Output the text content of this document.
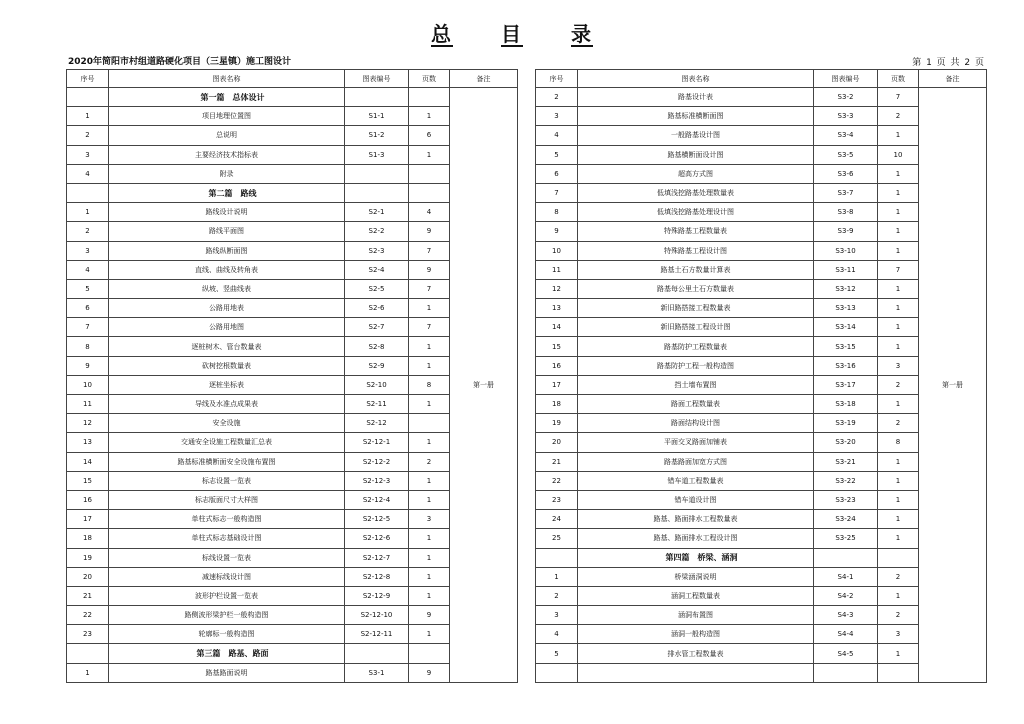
总 目 录
2020年简阳市村组道路硬化项目（三星镇）施工图设计	第 1 页 共 2 页
序号	图表名称	图表编号	页数	备注
	第一篇　总体设计			第一册
1	项目地理位置图	S1-1	1	
2	总说明	S1-2	6	
3	主要经济技术指标表	S1-3	1	
4	附录			
	第二篇　路线			
1	路线设计说明	S2-1	4	
2	路线平面图	S2-2	9	
3	路线纵断面图	S2-3	7	
4	直线、曲线及转角表	S2-4	9	
5	纵坡、竖曲线表	S2-5	7	
6	公路用地表	S2-6	1	
7	公路用地图	S2-7	7	
8	逐桩树木、管台数量表	S2-8	1	
9	砍树挖根数量表	S2-9	1	
10	逐桩坐标表	S2-10	8	
11	导线及水准点成果表	S2-11	1	
12	安全设施	S2-12		
13	交通安全设施工程数量汇总表	S2-12-1	1	
14	路基标准横断面安全设施布置图	S2-12-2	2	
15	标志设置一览表	S2-12-3	1	
16	标志版面尺寸大样图	S2-12-4	1	
17	单柱式标志一般构造图	S2-12-5	3	
18	单柱式标志基础设计图	S2-12-6	1	
19	标线设置一览表	S2-12-7	1	
20	减速标线设计图	S2-12-8	1	
21	波形护栏设置一览表	S2-12-9	1	
22	路侧波形梁护栏一般构造图	S2-12-10	9	
23	轮廓标一般构造图	S2-12-11	1	
	第三篇　路基、路面			
1	路基路面说明	S3-1	9	
序号	图表名称	图表编号	页数	备注
2	路基设计表	S3-2	7	第一册
3	路基标准横断面图	S3-3	2	
4	一般路基设计图	S3-4	1	
5	路基横断面设计图	S3-5	10	
6	超高方式图	S3-6	1	
7	低填浅挖路基处理数量表	S3-7	1	
8	低填浅挖路基处理设计图	S3-8	1	
9	特殊路基工程数量表	S3-9	1	
10	特殊路基工程设计图	S3-10	1	
11	路基土石方数量计算表	S3-11	7	
12	路基每公里土石方数量表	S3-12	1	
13	新旧路搭接工程数量表	S3-13	1	
14	新旧路搭接工程设计图	S3-14	1	
15	路基防护工程数量表	S3-15	1	
16	路基防护工程一般构造图	S3-16	3	
17	挡土墙布置图	S3-17	2	
18	路面工程数量表	S3-18	1	
19	路面结构设计图	S3-19	2	
20	平面交叉路面加铺表	S3-20	8	
21	路基路面加宽方式图	S3-21	1	
22	错车道工程数量表	S3-22	1	
23	错车道设计图	S3-23	1	
24	路基、路面排水工程数量表	S3-24	1	
25	路基、路面排水工程设计图	S3-25	1	
	第四篇　桥梁、涵洞			
1	桥梁涵洞说明	S4-1	2	
2	涵洞工程数量表	S4-2	1	
3	涵洞布置图	S4-3	2	
4	涵洞一般构造图	S4-4	3	
5	排水管工程数量表	S4-5	1	
